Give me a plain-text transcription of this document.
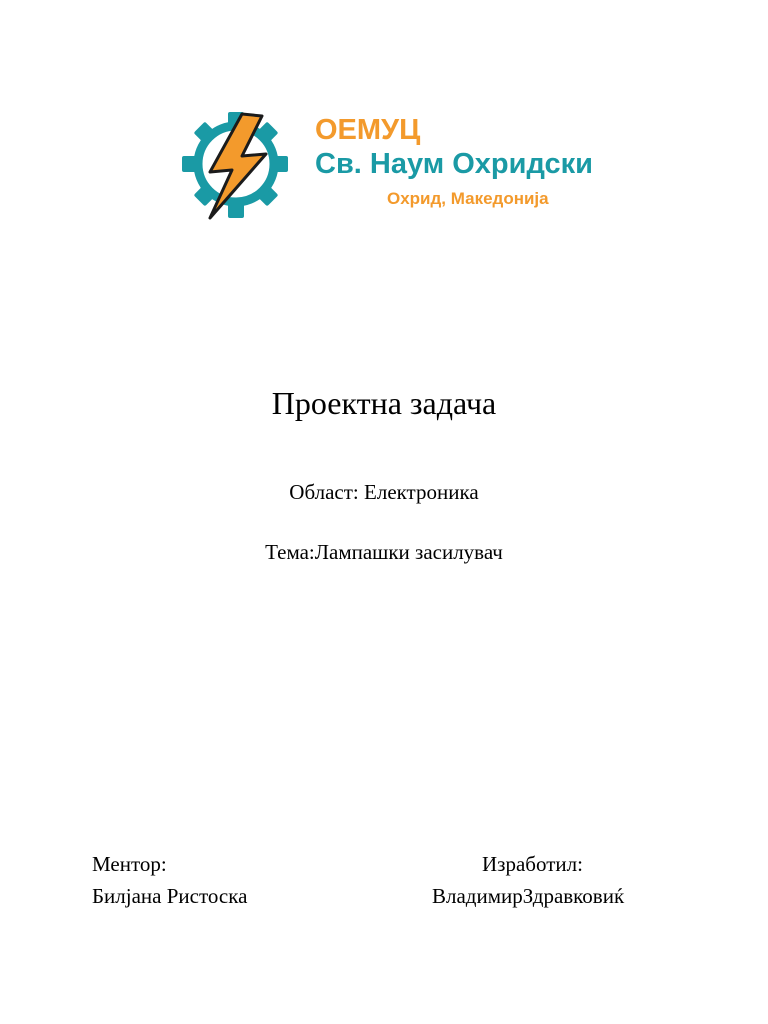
ОЕМУЦ
Св. Наум Охридски
Охрид, Македонија
Проектна задача
Област: Електроника
Тема:Лампашки засилувач
Ментор:
Билјана Ристоска
Изработил:
ВладимирЗдравковиќ
